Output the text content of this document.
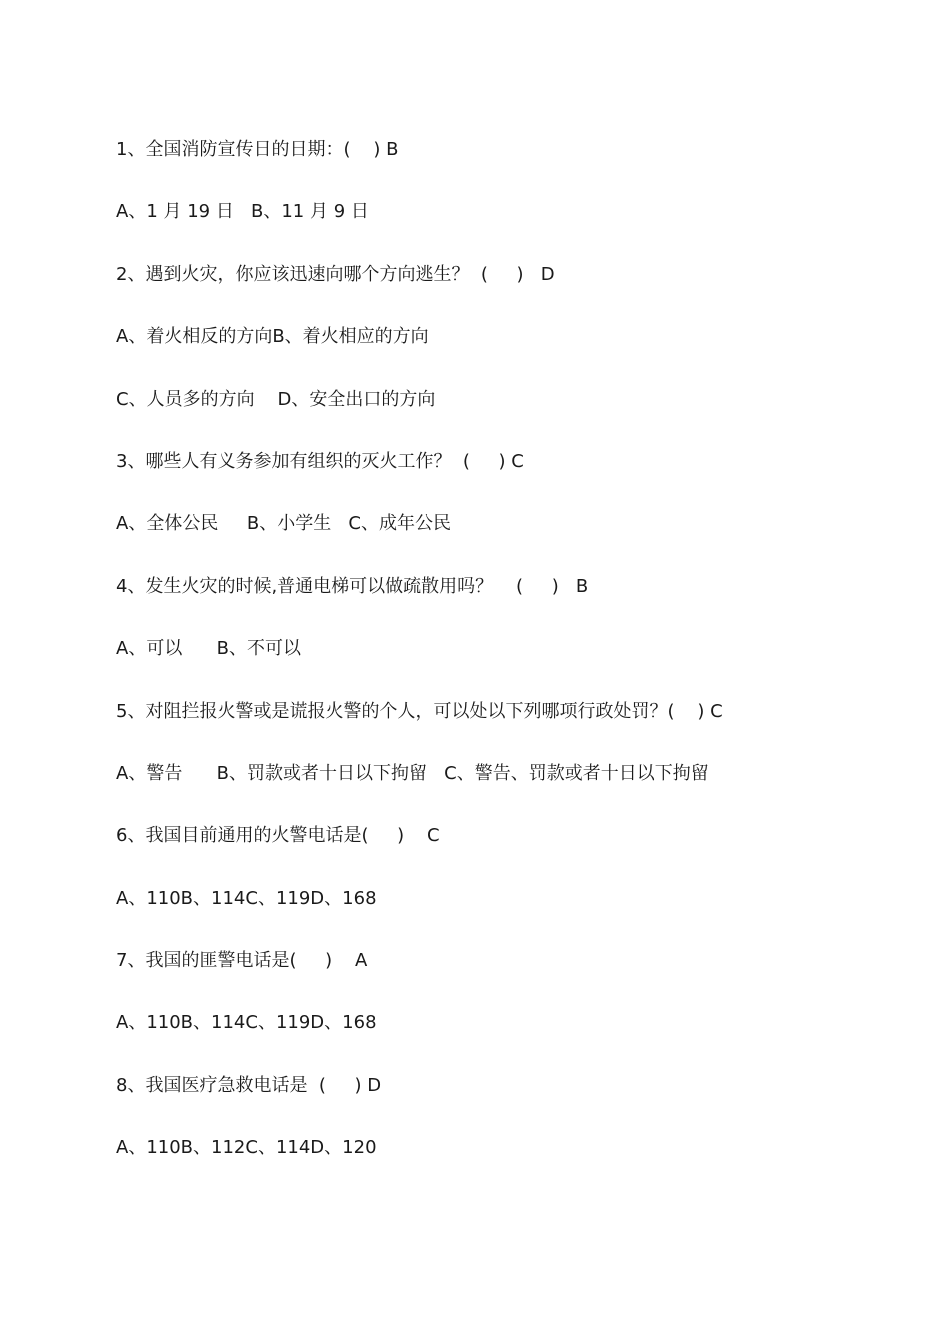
1、全国消防宣传日的日期：(    ) B
A、1 月 19 日   B、11 月 9 日
2、遇到火灾，你应该迅速向哪个方向逃生？  (     )   D
A、着火相反的方向B、着火相应的方向
C、人员多的方向    D、安全出口的方向
3、哪些人有义务参加有组织的灭火工作？  (     ) C
A、全体公民     B、小学生   C、成年公民
4、发生火灾的时候,普通电梯可以做疏散用吗？    (     )   B
A、可以      B、不可以
5、对阻拦报火警或是谎报火警的个人，可以处以下列哪项行政处罚？(    ) C
A、警告      B、罚款或者十日以下拘留   C、警告、罚款或者十日以下拘留
6、我国目前通用的火警电话是(     )    C
A、110B、114C、119D、168
7、我国的匪警电话是(     )    A
A、110B、114C、119D、168
8、我国医疗急救电话是  (     ) D
A、110B、112C、114D、120
